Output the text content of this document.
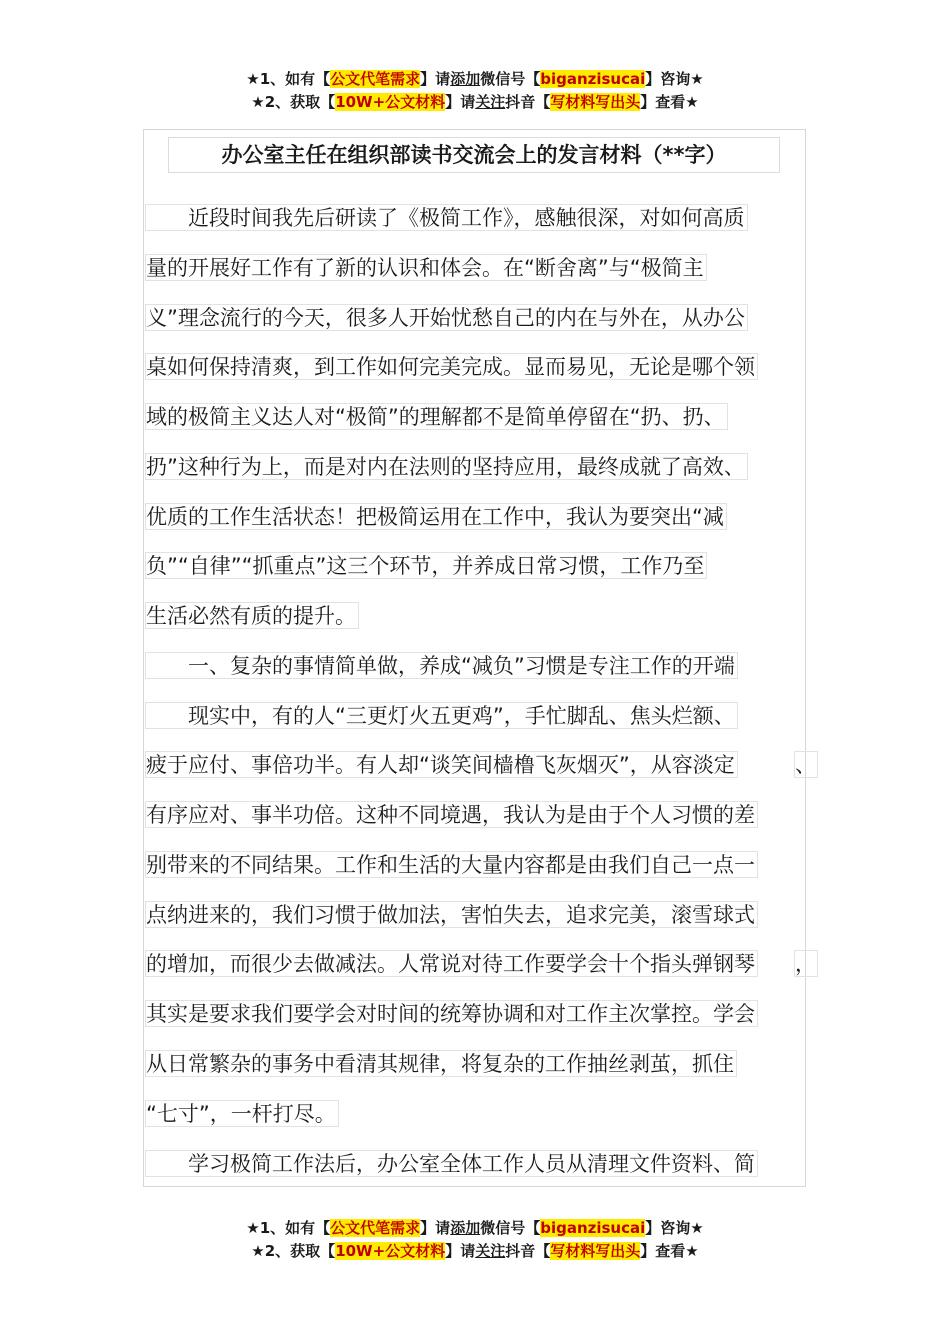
★1、如有【公文代笔需求】请添加微信号【biganzisucai】咨询★
★2、获取【10W+公文材料】请关注抖音【写材料写出头】查看★
办公室主任在组织部读书交流会上的发言材料（**字）
　　近段时间我先后研读了《极简工作》，感触很深，对如何高质
量的开展好工作有了新的认识和体会。在“断舍离”与“极简主
义”理念流行的今天，很多人开始忧愁自己的内在与外在，从办公
桌如何保持清爽，到工作如何完美完成。显而易见，无论是哪个领
域的极简主义达人对“极简”的理解都不是简单停留在“扔、扔、
扔”这种行为上，而是对内在法则的坚持应用，最终成就了高效、
优质的工作生活状态！把极简运用在工作中，我认为要突出“减
负”“自律”“抓重点”这三个环节，并养成日常习惯，工作乃至
生活必然有质的提升。
　　一、复杂的事情简单做，养成“减负”习惯是专注工作的开端
　　现实中，有的人“三更灯火五更鸡”，手忙脚乱、焦头烂额、
疲于应付、事倍功半。有人却“谈笑间樯橹飞灰烟灭”，从容淡定	、
有序应对、事半功倍。这种不同境遇，我认为是由于个人习惯的差
别带来的不同结果。工作和生活的大量内容都是由我们自己一点一
点纳进来的，我们习惯于做加法，害怕失去，追求完美，滚雪球式
的增加，而很少去做减法。人常说对待工作要学会十个指头弹钢琴 ，
其实是要求我们要学会对时间的统筹协调和对工作主次掌控。学会
从日常繁杂的事务中看清其规律，将复杂的工作抽丝剥茧，抓住
“七寸”，一杆打尽。
　　学习极简工作法后，办公室全体工作人员从清理文件资料、简
★1、如有【公文代笔需求】请添加微信号【biganzisucai】咨询★
★2、获取【10W+公文材料】请关注抖音【写材料写出头】查看★
